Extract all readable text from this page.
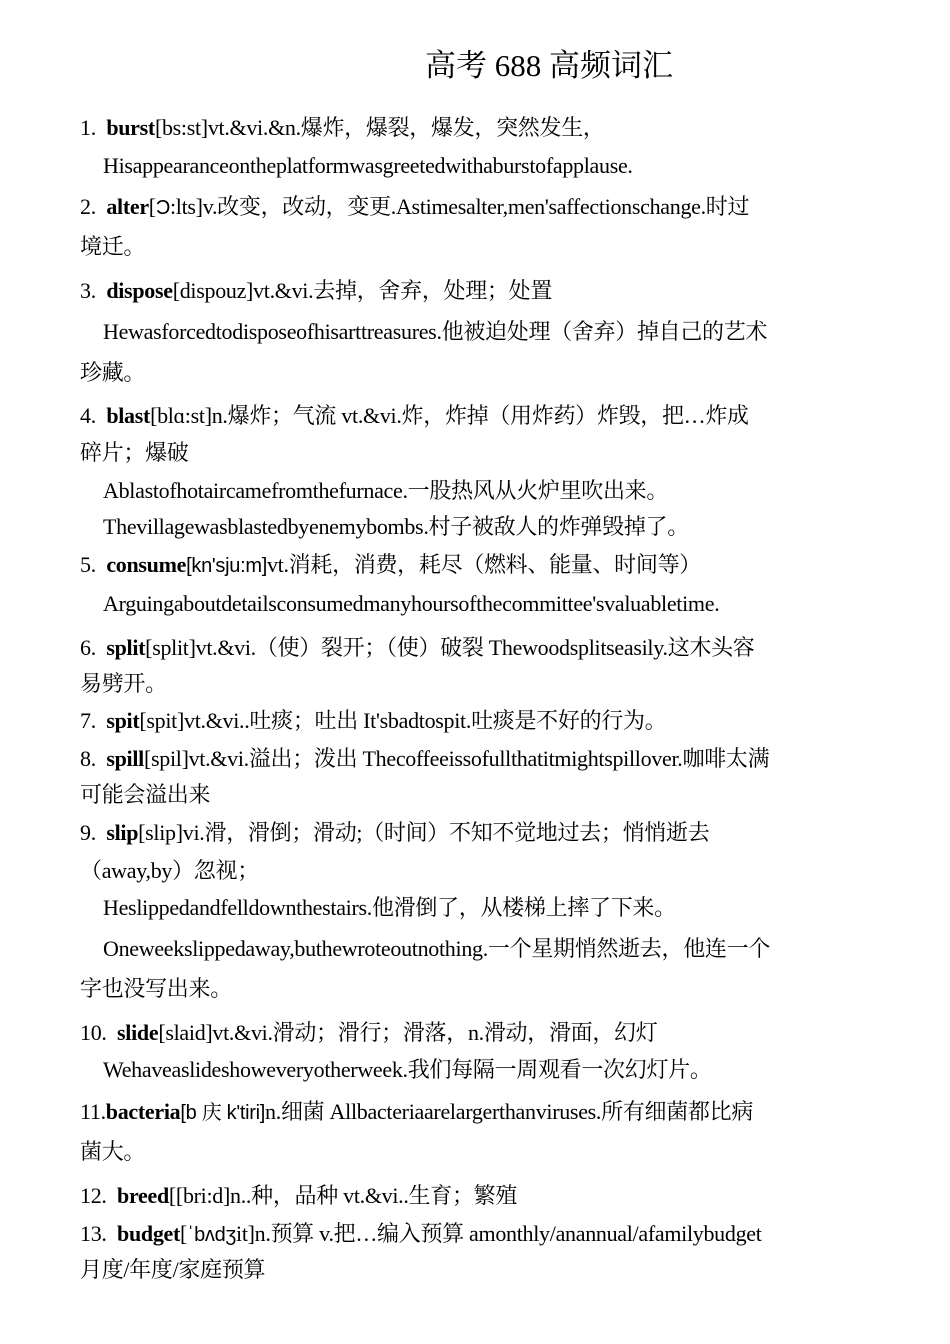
高考 688 高频词汇
1. burst[bs:st]vt.&vi.&n.爆炸，爆裂，爆发，突然发生，
Hisappearanceontheplatformwasgreetedwithaburstofapplause.
2. alter[Ɔ:lts]v.改变，改动，变更.Astimesalter,men'saffectionschange.时过
境迁。
3. dispose[dispouz]vt.&vi.去掉，舍弃，处理；处置
Hewasforcedtodisposeofhisarttreasures.他被迫处理（舍弃）掉自己的艺术
珍藏。
4. blast[blɑ:st]n.爆炸；气流 vt.&vi.炸，炸掉（用炸药）炸毁，把…炸成
碎片；爆破
Ablastofhotaircamefromthefurnace.一股热风从火炉里吹出来。
Thevillagewasblastedbyenemybombs.村子被敌人的炸弹毁掉了。
5. consume[kn'sju:m]vt.消耗，消费，耗尽（燃料、能量、时间等）
Arguingaboutdetailsconsumedmanyhoursofthecommittee'svaluabletime.
6. split[split]vt.&vi.（使）裂开；（使）破裂 Thewoodsplitseasily.这木头容
易劈开。
7. spit[spit]vt.&vi..吐痰；吐出 It'sbadtospit.吐痰是不好的行为。
8. spill[spil]vt.&vi.溢出；泼出 Thecoffeeissofullthatitmightspillover.咖啡太满
可能会溢出来
9. slip[slip]vi.滑，滑倒；滑动;（时间）不知不觉地过去；悄悄逝去
（away,by）忽视；
Heslippedandfelldownthestairs.他滑倒了，从楼梯上摔了下来。
Oneweekslippedaway,buthewroteoutnothing.一个星期悄然逝去，他连一个
字也没写出来。
10. slide[slaid]vt.&vi.滑动；滑行；滑落，n.滑动，滑面，幻灯
Wehaveaslideshoweveryotherweek.我们每隔一周观看一次幻灯片。
11.bacteria[b 庆 k'tiri]n.细菌 Allbacteriaarelargerthanviruses.所有细菌都比病
菌大。
12. breed[[bri:d]n..种，品种 vt.&vi..生育；繁殖
13. budget[ˈbʌdʒit]n.预算 v.把…编入预算 amonthly/anannual/afamilybudget
月度/年度/家庭预算
